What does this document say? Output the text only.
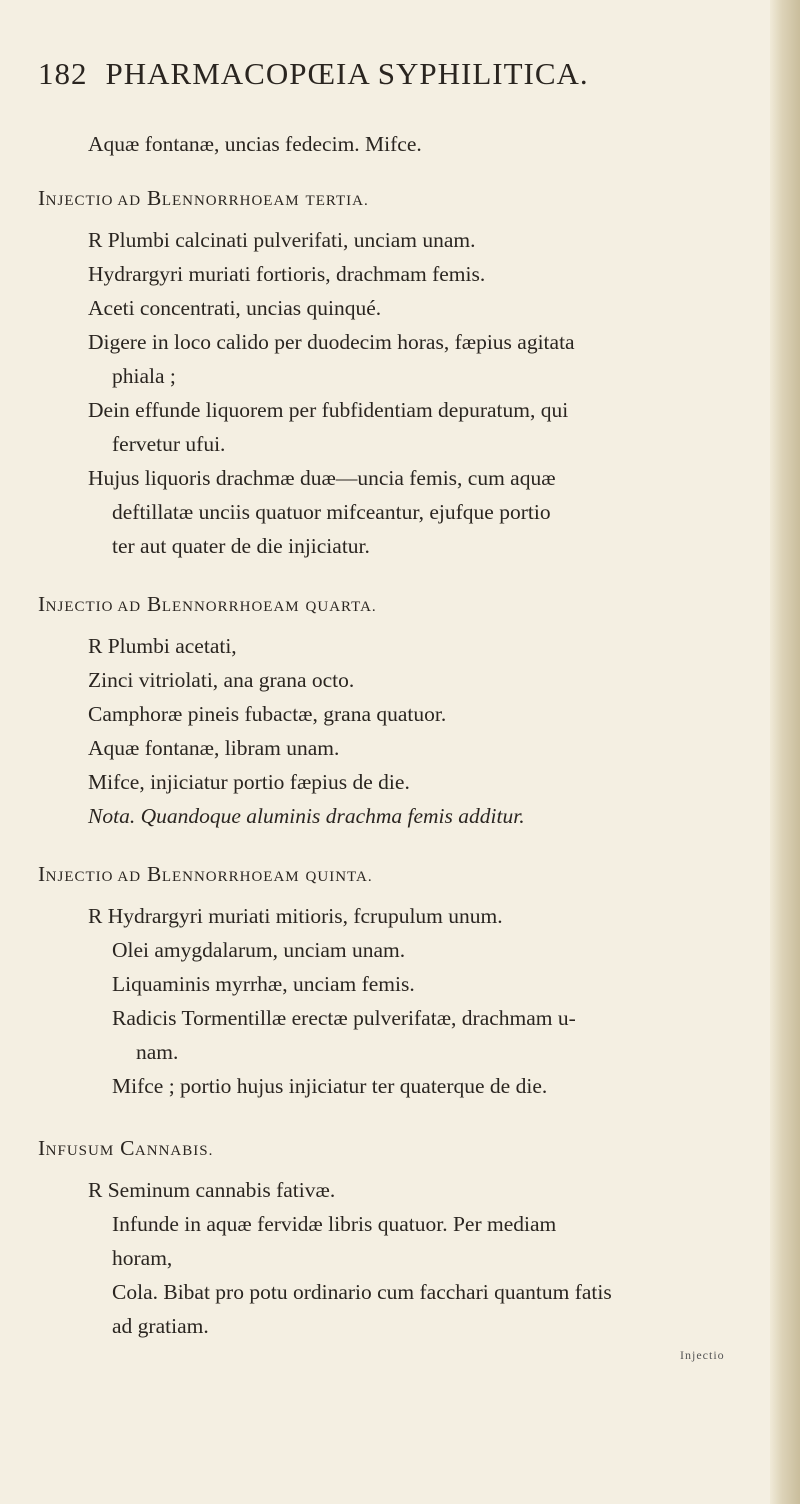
182 PHARMACOPŒIA SYPHILITICA.
Aquæ fontanæ, uncias fedecim. Mifce.
INJECTIO AD BLENNORRHOEAM TERTIA.
R Plumbi calcinati pulverifati, unciam unam.
Hydrargyri muriati fortioris, drachmam femis.
Aceti concentrati, uncias quinqué.
Digere in loco calido per duodecim horas, fæpius agitata
phiala ;
Dein effunde liquorem per fubfidentiam depuratum, qui
fervetur ufui.
Hujus liquoris drachmæ duæ—uncia femis, cum aquæ
deftillatæ unciis quatuor mifceantur, ejufque portio
ter aut quater de die injiciatur.
INJECTIO AD BLENNORRHOEAM QUARTA.
R Plumbi acetati,
Zinci vitriolati, ana grana octo.
Camphoræ pineis fubactæ, grana quatuor.
Aquæ fontanæ, libram unam.
Mifce, injiciatur portio fæpius de die.
Nota. Quandoque aluminis drachma femis additur.
INJECTIO AD BLENNORRHOEAM QUINTA.
R Hydrargyri muriati mitioris, fcrupulum unum.
Olei amygdalarum, unciam unam.
Liquaminis myrrhæ, unciam femis.
Radicis Tormentillæ erectæ pulverifatæ, drachmam u-
nam.
Mifce ; portio hujus injiciatur ter quaterque de die.
INFUSUM CANNABIS.
R Seminum cannabis fativæ.
Infunde in aquæ fervidæ libris quatuor. Per mediam
horam,
Cola. Bibat pro potu ordinario cum facchari quantum fatis
ad gratiam.
Injectio
